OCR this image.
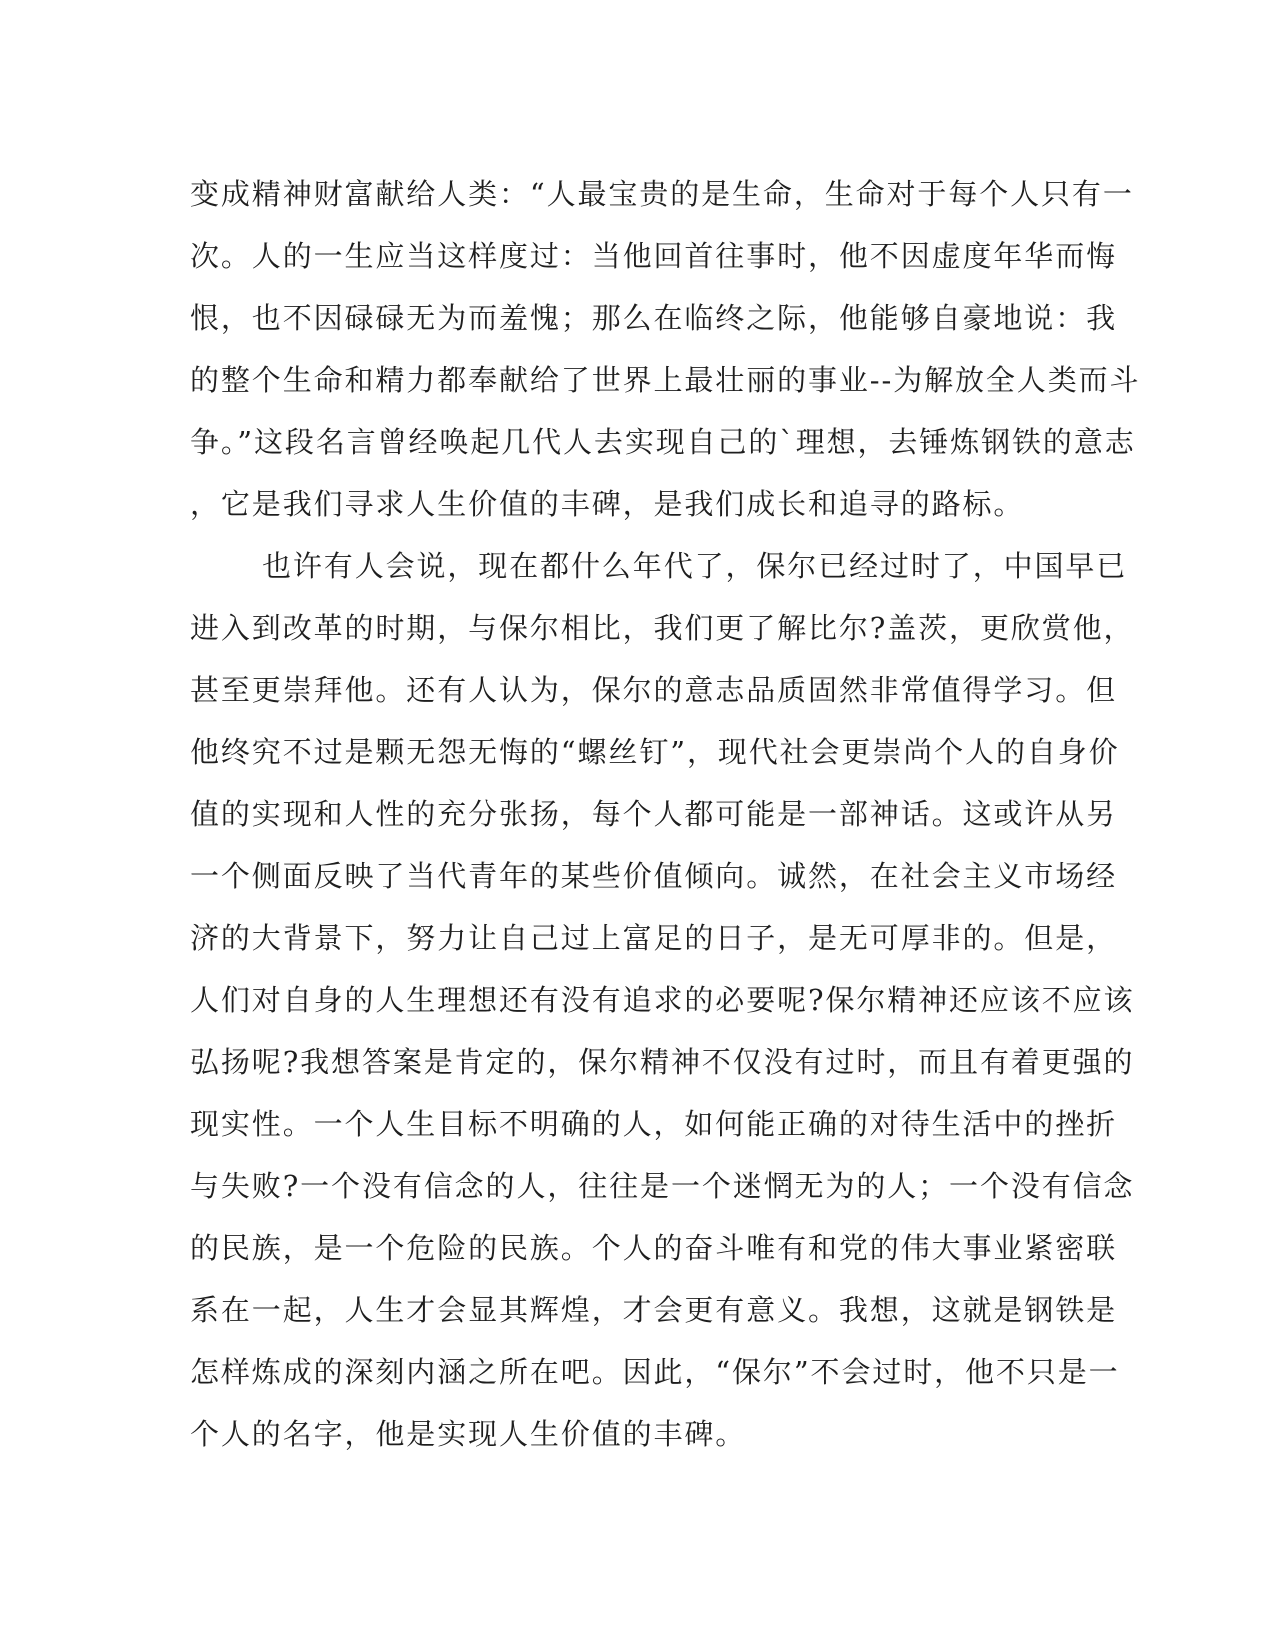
变成精神财富献给人类：“人最宝贵的是生命，生命对于每个人只有一
次。人的一生应当这样度过：当他回首往事时，他不因虚度年华而悔
恨，也不因碌碌无为而羞愧；那么在临终之际，他能够自豪地说：我
的整个生命和精力都奉献给了世界上最壮丽的事业--为解放全人类而斗
争。”这段名言曾经唤起几代人去实现自己的`理想，去锤炼钢铁的意志
，它是我们寻求人生价值的丰碑，是我们成长和追寻的路标。
也许有人会说，现在都什么年代了，保尔已经过时了，中国早已
进入到改革的时期，与保尔相比，我们更了解比尔?盖茨，更欣赏他，
甚至更崇拜他。还有人认为，保尔的意志品质固然非常值得学习。但
他终究不过是颗无怨无悔的“螺丝钉”，现代社会更崇尚个人的自身价
值的实现和人性的充分张扬，每个人都可能是一部神话。这或许从另
一个侧面反映了当代青年的某些价值倾向。诚然，在社会主义市场经
济的大背景下，努力让自己过上富足的日子，是无可厚非的。但是，
人们对自身的人生理想还有没有追求的必要呢?保尔精神还应该不应该
弘扬呢?我想答案是肯定的，保尔精神不仅没有过时，而且有着更强的
现实性。一个人生目标不明确的人，如何能正确的对待生活中的挫折
与失败?一个没有信念的人，往往是一个迷惘无为的人；一个没有信念
的民族，是一个危险的民族。个人的奋斗唯有和党的伟大事业紧密联
系在一起，人生才会显其辉煌，才会更有意义。我想，这就是钢铁是
怎样炼成的深刻内涵之所在吧。因此，“保尔”不会过时，他不只是一
个人的名字，他是实现人生价值的丰碑。
